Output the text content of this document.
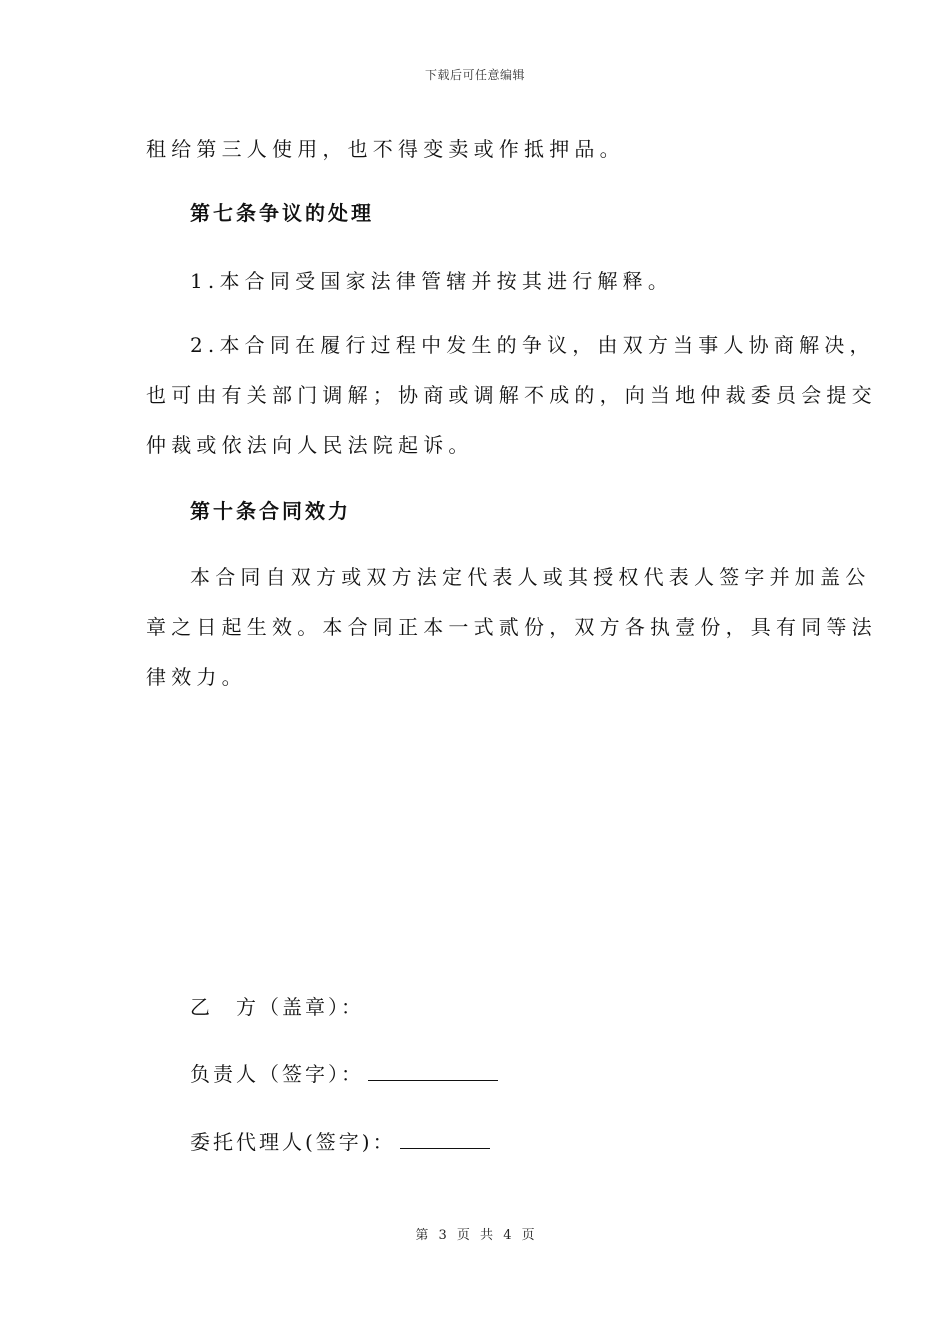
下载后可任意编辑
租给第三人使用，也不得变卖或作抵押品。
第七条争议的处理
1.本合同受国家法律管辖并按其进行解释。
2.本合同在履行过程中发生的争议，由双方当事人协商解决，
也可由有关部门调解；协商或调解不成的，向当地仲裁委员会提交
仲裁或依法向人民法院起诉。
第十条合同效力
本合同自双方或双方法定代表人或其授权代表人签字并加盖公
章之日起生效。本合同正本一式贰份，双方各执壹份，具有同等法
律效力。
乙　方（盖章）：
负责人（签字）：
委托代理人(签字)：
第 3 页 共 4 页
